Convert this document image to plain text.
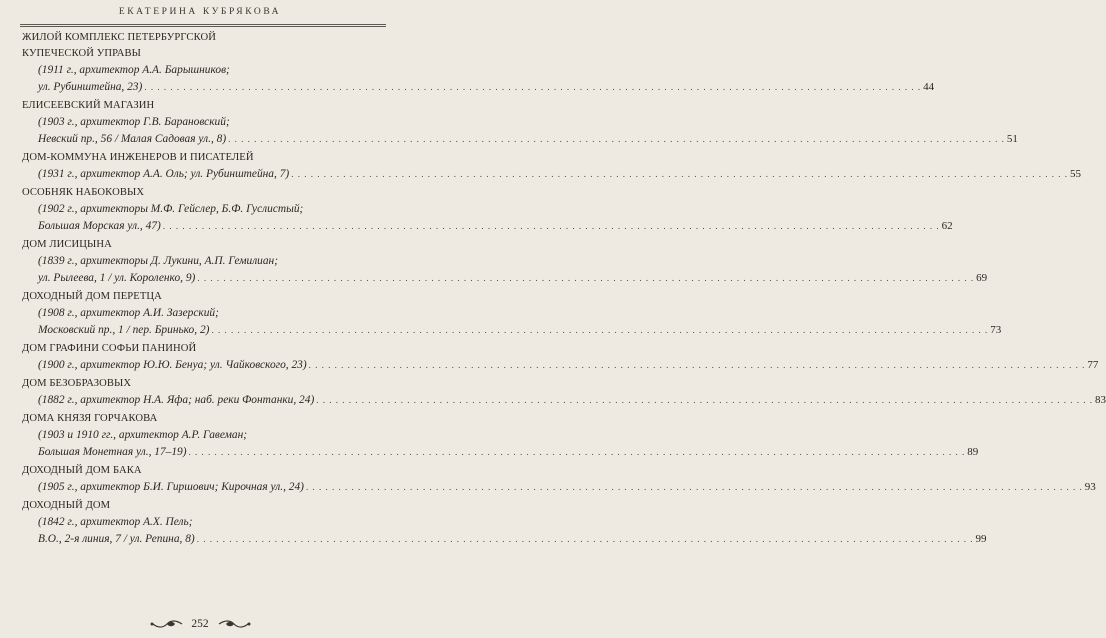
ЕКАТЕРИНА КУБРЯКОВА
ЖИЛОЙ КОМПЛЕКС ПЕТЕРБУРГСКОЙ
КУПЕЧЕСКОЙ УПРАВЫ
(1911 г., архитектор А.А. Барышников;
ул. Рубинштейна, 23) . . . . . . . . . . . . . . . . . . . . . . . . . . . . . . . . . . . . . . . . . . . . . . . . . . . . . . . . . . . . . . . . . . . . . . . . . . . . . . . . . . . . . . . . . . . . . . . . . . . . . . . . . . . . . . . . . . . . . . . . 44
ЕЛИСЕЕВСКИЙ МАГАЗИН
(1903 г., архитектор Г.В. Барановский;
Невский пр., 56 / Малая Садовая ул., 8) . . . . . . . . . . . . . . . . . . . . . . . . . . . . . . . . . . . . . . . . . . . . . . . . . . . . . . . . . . . . . . . . . . . . . . . . . . . . . . . . . . . . . . . . . . . . . . . . . . . . . . . . . . . . . . . . . . . . . . . . 51
ДОМ-КОММУНА ИНЖЕНЕРОВ И ПИСАТЕЛЕЙ
(1931 г., архитектор А.А. Оль; ул. Рубинштейна, 7) . . . . . . . . . . . . . . . . . . . . . . . . . . . . . . . . . . . . . . . . . . . . . . . . . . . . . . . . . . . . . . . . . . . . . . . . . . . . . . . . . . . . . . . . . . . . . . . . . . . . . . . . . . . . . . . . . . . . . . . . 55
ОСОБНЯК НАБОКОВЫХ
(1902 г., архитекторы М.Ф. Гейслер, Б.Ф. Гуслистый;
Большая Морская ул., 47) . . . . . . . . . . . . . . . . . . . . . . . . . . . . . . . . . . . . . . . . . . . . . . . . . . . . . . . . . . . . . . . . . . . . . . . . . . . . . . . . . . . . . . . . . . . . . . . . . . . . . . . . . . . . . . . . . . . . . . . . 62
ДОМ ЛИСИЦЫНА
(1839 г., архитекторы Д. Лукини, А.П. Гемилиан;
ул. Рылеева, 1 / ул. Короленко, 9) . . . . . . . . . . . . . . . . . . . . . . . . . . . . . . . . . . . . . . . . . . . . . . . . . . . . . . . . . . . . . . . . . . . . . . . . . . . . . . . . . . . . . . . . . . . . . . . . . . . . . . . . . . . . . . . . . . . . . . . . 69
ДОХОДНЫЙ ДОМ ПЕРЕТЦА
(1908 г., архитектор А.И. Зазерский;
Московский пр., 1 / пер. Бринько, 2) . . . . . . . . . . . . . . . . . . . . . . . . . . . . . . . . . . . . . . . . . . . . . . . . . . . . . . . . . . . . . . . . . . . . . . . . . . . . . . . . . . . . . . . . . . . . . . . . . . . . . . . . . . . . . . . . . . . . . . . . 73
ДОМ ГРАФИНИ СОФЬИ ПАНИНОЙ
(1900 г., архитектор Ю.Ю. Бенуа; ул. Чайковского, 23) . . . . . . . . . . . . . . . . . . . . . . . . . . . . . . . . . . . . . . . . . . . . . . . . . . . . . . . . . . . . . . . . . . . . . . . . . . . . . . . . . . . . . . . . . . . . . . . . . . . . . . . . . . . . . . . . . . . . . . . . 77
ДОМ БЕЗОБРАЗОВЫХ
(1882 г., архитектор Н.А. Яфа; наб. реки Фонтанки, 24) . . . . . . . . . . . . . . . . . . . . . . . . . . . . . . . . . . . . . . . . . . . . . . . . . . . . . . . . . . . . . . . . . . . . . . . . . . . . . . . . . . . . . . . . . . . . . . . . . . . . . . . . . . . . . . . . . . . . . . . . 83
ДОМА КНЯЗЯ ГОРЧАКОВА
(1903 и 1910 гг., архитектор А.Р. Гавеман;
Большая Монетная ул., 17–19) . . . . . . . . . . . . . . . . . . . . . . . . . . . . . . . . . . . . . . . . . . . . . . . . . . . . . . . . . . . . . . . . . . . . . . . . . . . . . . . . . . . . . . . . . . . . . . . . . . . . . . . . . . . . . . . . . . . . . . . . 89
ДОХОДНЫЙ ДОМ БАКА
(1905 г., архитектор Б.И. Гиршович; Кирочная ул., 24) . . . . . . . . . . . . . . . . . . . . . . . . . . . . . . . . . . . . . . . . . . . . . . . . . . . . . . . . . . . . . . . . . . . . . . . . . . . . . . . . . . . . . . . . . . . . . . . . . . . . . . . . . . . . . . . . . . . . . . . . 93
ДОХОДНЫЙ ДОМ
(1842 г., архитектор А.Х. Пель;
В.О., 2-я линия, 7 / ул. Репина, 8) . . . . . . . . . . . . . . . . . . . . . . . . . . . . . . . . . . . . . . . . . . . . . . . . . . . . . . . . . . . . . . . . . . . . . . . . . . . . . . . . . . . . . . . . . . . . . . . . . . . . . . . . . . . . . . . . . . . . . . . . 99
252
